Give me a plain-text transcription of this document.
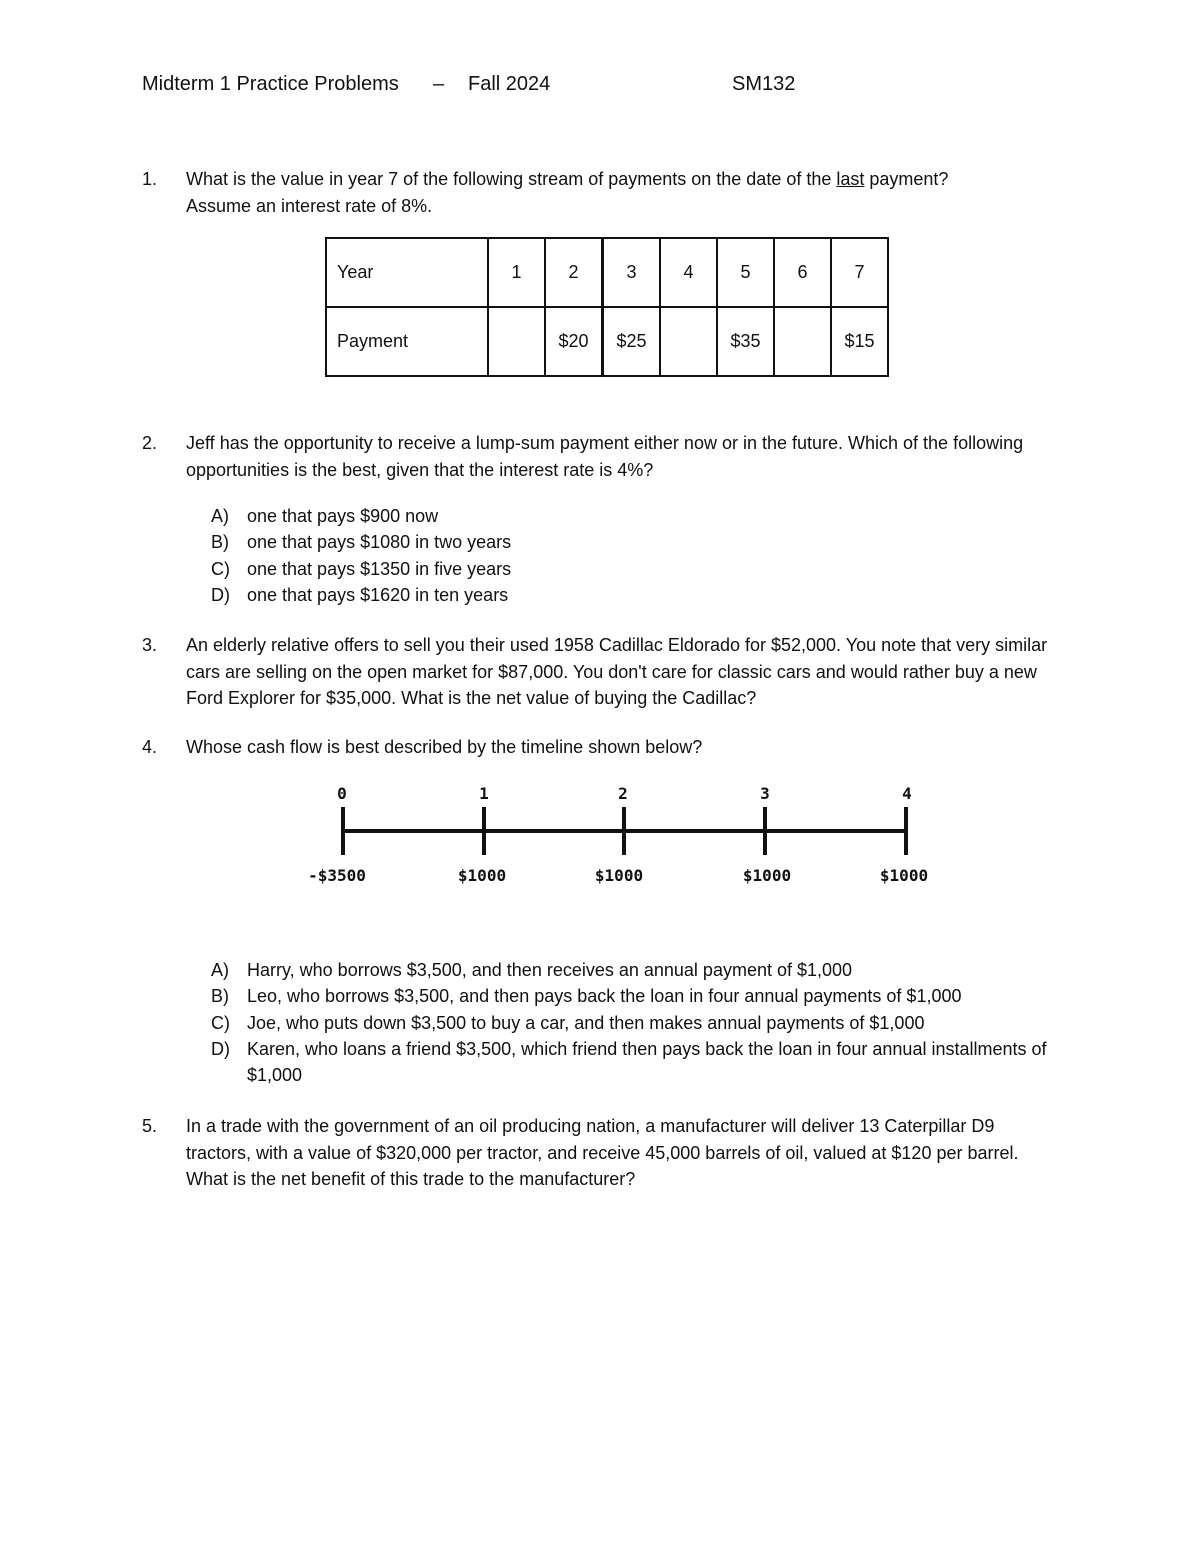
Midterm 1 Practice Problems – Fall 2024	SM132
1. What is the value in year 7 of the following stream of payments on the date of the last payment?
Assume an interest rate of 8%.
Year	1	2	3	4	5	6	7
Payment		$20	$25		$35		$15
2. Jeff has the opportunity to receive a lump-sum payment either now or in the future. Which of the following opportunities is the best, given that the interest rate is 4%?
A) one that pays $900 now
B) one that pays $1080 in two years
C) one that pays $1350 in five years
D) one that pays $1620 in ten years
3. An elderly relative offers to sell you their used 1958 Cadillac Eldorado for $52,000. You note that very similar cars are selling on the open market for $87,000. You don't care for classic cars and would rather buy a new Ford Explorer for $35,000. What is the net value of buying the Cadillac?
4. Whose cash flow is best described by the timeline shown below?
0	1	2	3	4
-$3500	$1000	$1000	$1000	$1000
A) Harry, who borrows $3,500, and then receives an annual payment of $1,000
B) Leo, who borrows $3,500, and then pays back the loan in four annual payments of $1,000
C) Joe, who puts down $3,500 to buy a car, and then makes annual payments of $1,000
D) Karen, who loans a friend $3,500, which friend then pays back the loan in four annual installments of $1,000
5. In a trade with the government of an oil producing nation, a manufacturer will deliver 13 Caterpillar D9 tractors, with a value of $320,000 per tractor, and receive 45,000 barrels of oil, valued at $120 per barrel. What is the net benefit of this trade to the manufacturer?
